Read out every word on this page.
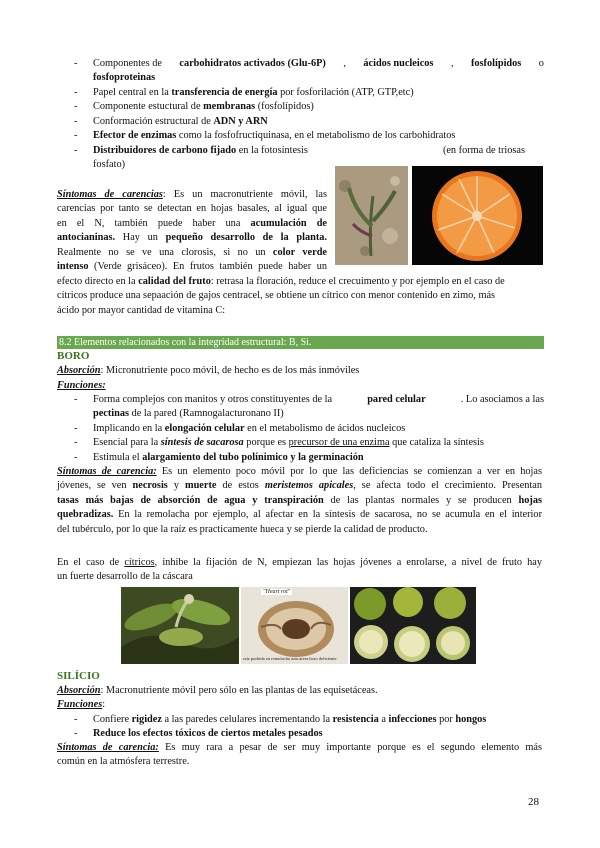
- Componentes de carbohidratos activados (Glu-6P) , ácidos nucleicos , fosfolípidos o
fosfoproteinas
- Papel central en la transferencia de energía por fosforilación (ATP, GTP,etc)
- Componente estuctural de membranas (fosfolípidos)
- Conformación estructural de ADN y ARN
- Efector de enzimas como la fosfofructiquinasa, en el metabolismo de los carbohidratos
- Distribuidores de carbono fijado en la fotosíntesis	(en forma de triosas
fosfato)
Síntomas de carencias: Es un macronutriente móvil, las
carencias por tanto se detectan en hojas basales, al igual que
en el N, también puede haber una acumulación de
antocianinas. Hay un pequeño desarrollo de la planta.
Realmente no se ve una clorosis, si no un color verde
intenso (Verde grisáceo). En frutos también puede haber un
efecto directo en la calidad del fruto: retrasa la floración, reduce el crecuimento y por ejemplo en el caso de
cítricos produce una sepaación de gajos centracel, se obtiene un cítrico con menor contenido en zimo, más
ácido por mayor cantidad de vitamina C:
8.2 Elementos relacionados con la integridad estructural: B, Si.
BORO
Absorción: Micronutriente poco móvil, de hecho es de los más inmóviles
Funciones:
- Forma complejos con manitos y otros constituyentes de la	pared celular	. Lo asociamos a las
pectinas de la pared (Ramnogalacturonano II)
- Implicando en la elongación celular en el metabolismo de ácidos nucleicos
- Esencial para la síntesis de sacarosa porque es precursor de una enzima que cataliza la síntesis
- Estimula el alargamiento del tubo polínimico y la germinación
Síntomas de carencia: Es un elemento poco móvil por lo que las deficiencias se comienzan a ver en hojas
jóvenes, se ven necrosis y muerte de estos meristemos apicales, se afecta todo el crecimiento. Presentan
tasas más bajas de absorción de agua y transpiración de las plantas normales y se producen hojas
quebradizas. En la remolacha por ejemplo, al afectar en la síntesis de sacarosa, no se acumula en el interior
del tubérculo, por lo que la raíz es practicamente hueca y se pierde la calidad de producto.
En el caso de cítricos, inhibe la fijación de N, empiezan las hojas jóvenes a enrolarse, a nivel de fruto hay
un fuerte desarrollo de la cáscara
"Heart rot"
raíz podrida en remolacha azucarera boro deficiente
SILÍCIO
Absorción: Macronutriente móvil pero sólo en las plantas de las equisetáceas.
Funciones:
- Confiere rigidez a las paredes celulares incrementando la resistencia a infecciones por hongos
- Reduce los efectos tóxicos de ciertos metales pesados
Síntomas de carencia: Es muy rara a pesar de ser muy importante porque es el segundo elemento más
común en la atmósfera terrestre.
28
